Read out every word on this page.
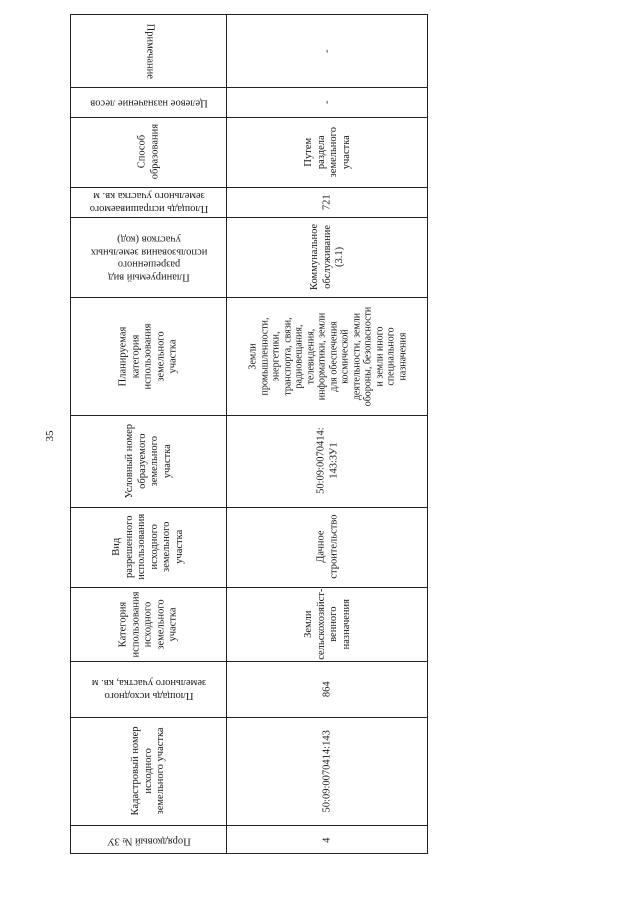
35
Примечание
Целевое назначение лесов
Способ
образования
Площадь испрашиваемого
земельного участка кв. м
Планируемый вид
разрешенного
использования земельных
участков (код)
Планируемая
категория
использования
земельного
участка
Условный номер
образуемого
земельного
участка
Вид
разрешенного
использования
исходного
земельного
участка
Категория
использования
исходного
земельного
участка
Площадь исходного
земельного участка, кв. м
Кадастровый номер
исходного
земельного участка
Порядковый № ЗУ
-
-
Путем
раздела
земельного
участка
721
Коммунальное
обслуживание
(3.1)
Земли
промышленности,
энергетики,
транспорта, связи,
радиовещания,
телевидения,
информатики, земли
для обеспечения
космической
деятельности, земли
обороны, безопасности
и земли иного
специального
назначения
50:09:0070414:
143:ЗУ1
Дачное
строительство
Земли
сельскохозяйст-
венного
назначения
864
50:09:0070414:143
4
